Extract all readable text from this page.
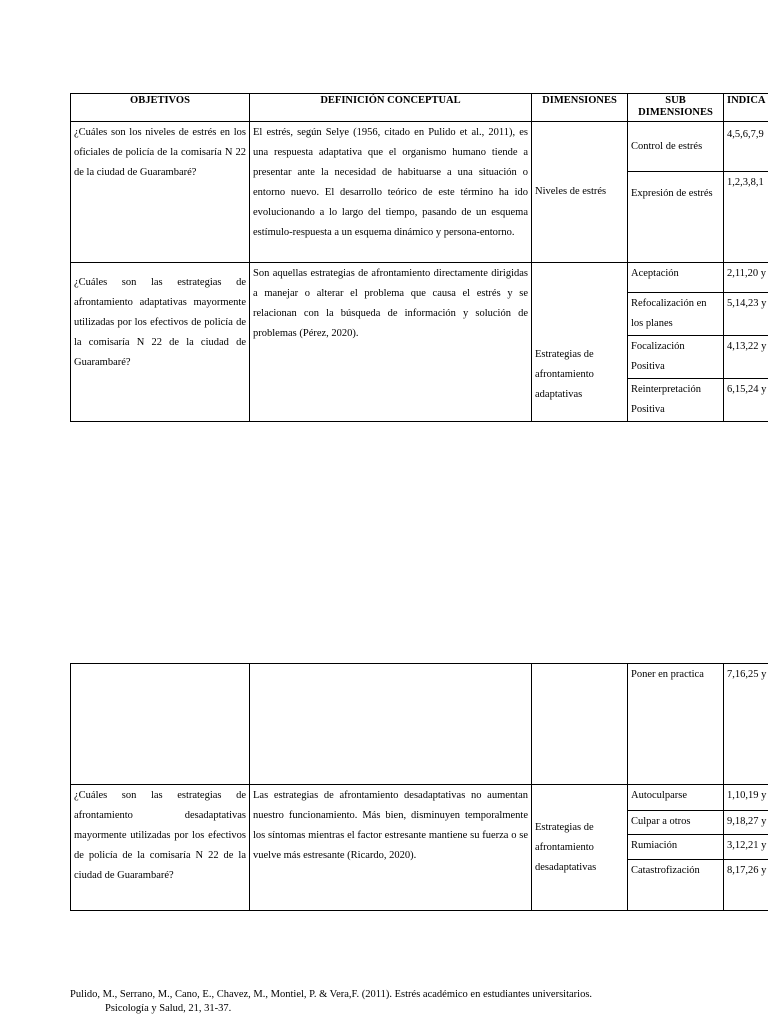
OBJETIVOS	DEFINICIÓN CONCEPTUAL	DIMENSIONES	SUB DIMENSIONES	INDICA
¿Cuáles son los niveles de estrés en los oficiales de policía de la comisaría N 22 de la ciudad de Guarambaré?	El estrés, según Selye (1956, citado en Pulido et al., 2011), es una respuesta adaptativa que el organismo humano tiende a presentar ante la necesidad de habituarse a una situación o entorno nuevo. El desarrollo teórico de este término ha ido evolucionando a lo largo del tiempo, pasando de un esquema estímulo-respuesta a un esquema dinámico y persona-entorno.	Niveles de estrés	Control de estrés	4,5,6,7,9
			Expresión de estrés	1,2,3,8,1
¿Cuáles son las estrategias de afrontamiento adaptativas mayormente utilizadas por los efectivos de policía de la comisaría N 22 de la ciudad de Guarambaré?	Son aquellas estrategias de afrontamiento directamente dirigidas a manejar o alterar el problema que causa el estrés y se relacionan con la búsqueda de información y solución de problemas (Pérez, 2020).	Estrategias de afrontamiento adaptativas	Aceptación	2,11,20 y
			Refocalización en los planes	5,14,23 y
			Focalización Positiva	4,13,22 y
			Reinterpretación Positiva	6,15,24 y
			Poner en practica	7,16,25 y
¿Cuáles son las estrategias de afrontamiento desadaptativas mayormente utilizadas por los efectivos de policía de la comisaría N 22 de la ciudad de Guarambaré?	Las estrategias de afrontamiento desadaptativas no aumentan nuestro funcionamiento. Más bien, disminuyen temporalmente los síntomas mientras el factor estresante mantiene su fuerza o se vuelve más estresante (Ricardo, 2020).	Estrategias de afrontamiento desadaptativas	Autoculparse	1,10,19 y
			Culpar a otros	9,18,27 y
			Rumiación	3,12,21 y
			Catastrofización	8,17,26 y
Pulido, M., Serrano, M., Cano, E., Chavez, M., Montiel, P. & Vera,F. (2011). Estrés académico en estudiantes universitarios.
Psicología y Salud, 21, 31-37.
